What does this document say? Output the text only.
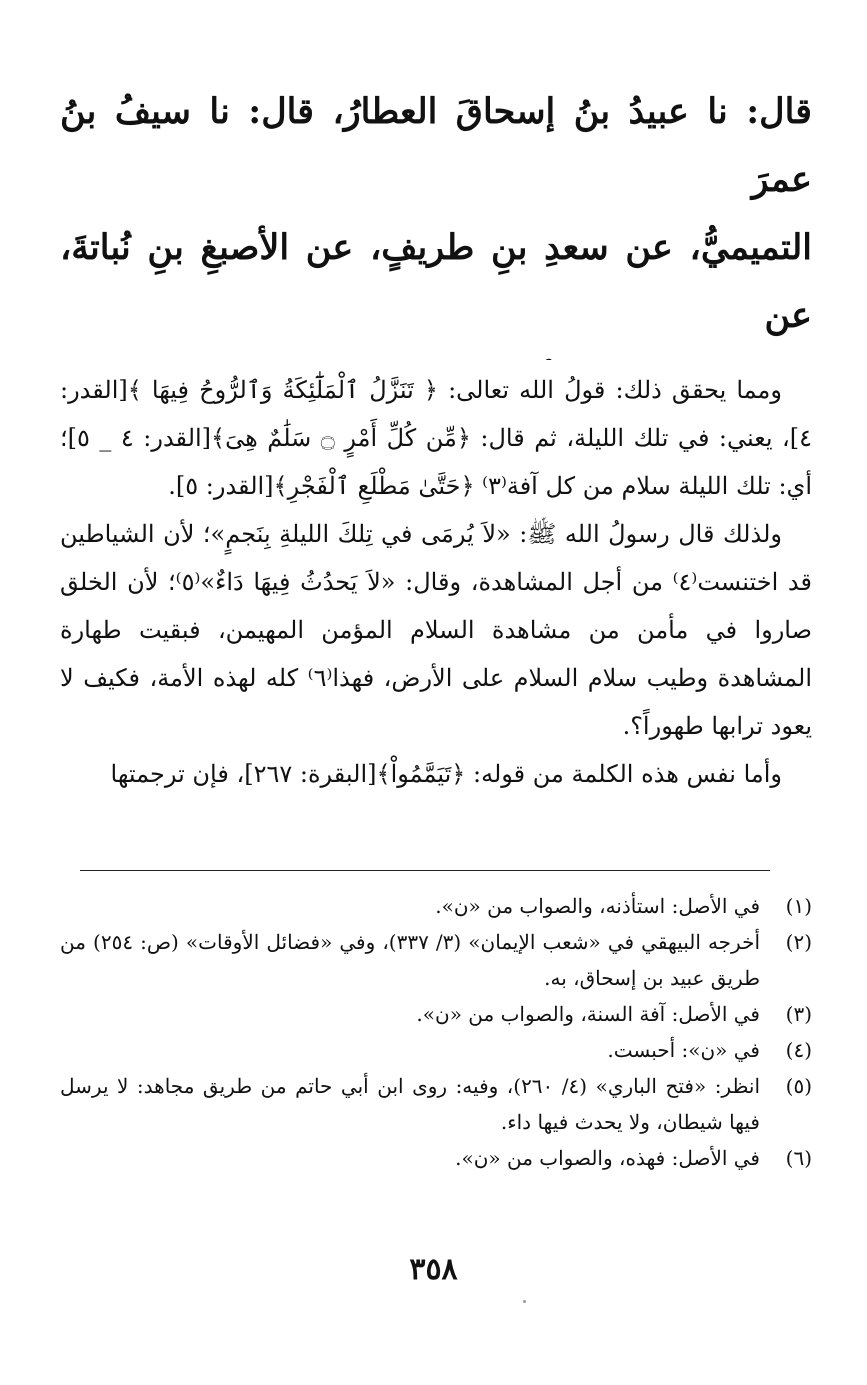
قال: نا عبيدُ بنُ إسحاقَ العطارُ، قال: نا سيفُ بنُ عمرَ

التميميُّ، عن سعدِ بنِ طريفٍ، عن الأصبغِ بنِ نُباتةَ، عن

ومما يحقق ذلك: قولُ الله تعالى: ﴿ تَنَزَّلُ ٱلْمَلَٰٓئِكَةُ وَٱلرُّوحُ فِيهَا ﴾[القدر: ٤]، يعني: في تلك الليلة، ثم قال: ﴿مِّن كُلِّ أَمْرٍ ۝ سَلَٰمٌ هِىَ﴾[القدر: ٤ _ ٥]؛ أي: تلك الليلة سلام من كل آفة⁽٣⁾ ﴿حَتَّىٰ مَطْلَعِ ٱلْفَجْرِ﴾[القدر: ٥].

ولذلك قال رسولُ الله ﷺ: «لاَ يُرمَى في تِلكَ الليلةِ بِنَجمٍ»؛ لأن الشياطين قد اختنست⁽٤⁾ من أجل المشاهدة، وقال: «لاَ يَحدُثُ فِيهَا دَاءٌ»⁽٥⁾؛ لأن الخلق صاروا في مأمن من مشاهدة السلام المؤمن المهيمن، فبقيت طهارة المشاهدة وطيب سلام السلام على الأرض، فهذا⁽٦⁾ كله لهذه الأمة، فكيف لا يعود ترابها طهوراً؟.

وأما نفس هذه الكلمة من قوله: ﴿تَيَمَّمُواْ﴾[البقرة: ٢٦٧]، فإن ترجمتها

(١)
في الأصل: استأذنه، والصواب من «ن».
(٢)
أخرجه البيهقي في «شعب الإيمان» (٣/ ٣٣٧)، وفي «فضائل الأوقات» (ص: ٢٥٤) من طريق عبيد بن إسحاق، به.
(٣)
في الأصل: آفة السنة، والصواب من «ن».
(٤)
في «ن»: أحبست.
(٥)
انظر: «فتح الباري» (٤/ ٢٦٠)، وفيه: روى ابن أبي حاتم من طريق مجاهد: لا يرسل فيها شيطان، ولا يحدث فيها داء.
(٦)
في الأصل: فهذه، والصواب من «ن».
٣٥٨
